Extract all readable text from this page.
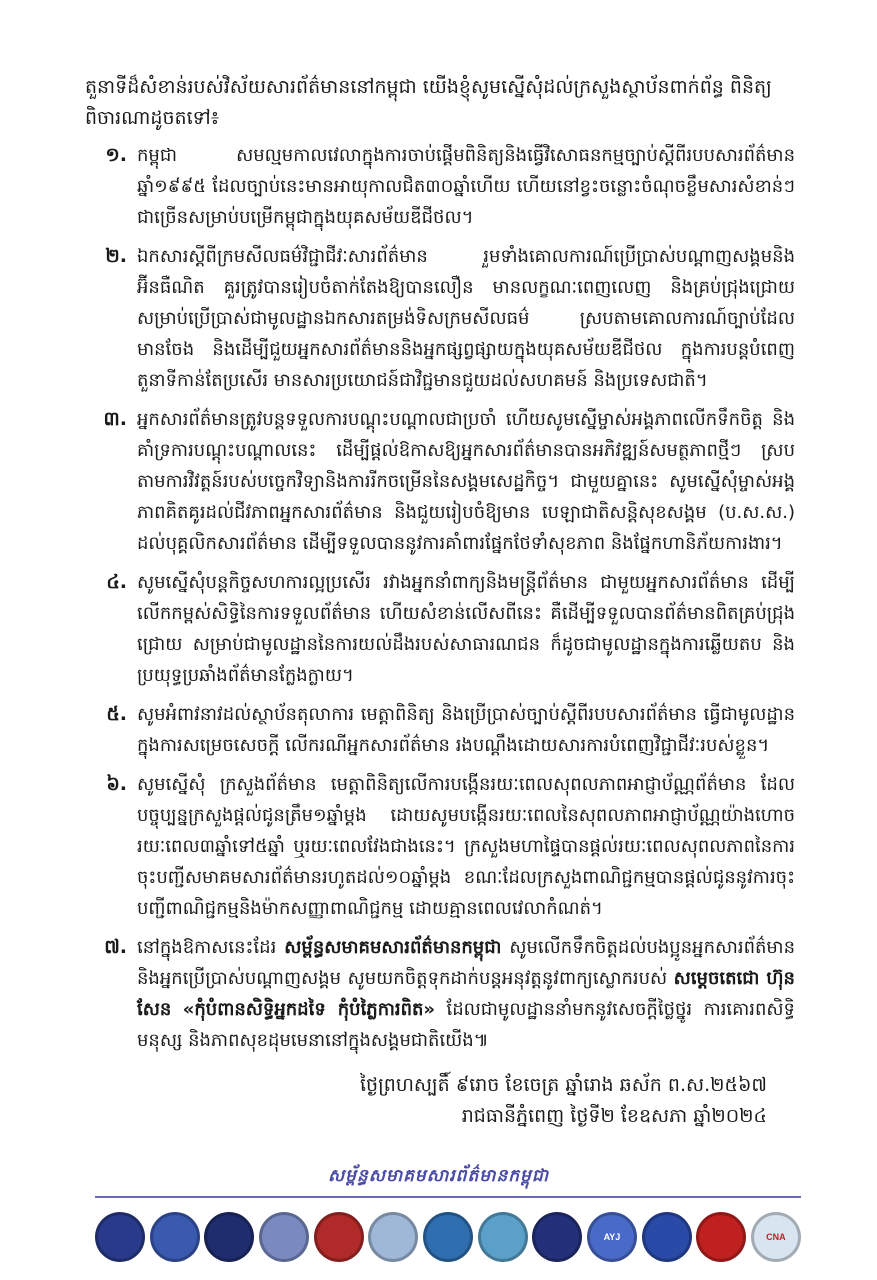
តួនាទីដ៏សំខាន់របស់វិស័យសារព័ត៌មាននៅកម្ពុជា យើងខ្ញុំសូមស្នើសុំដល់ក្រសួងស្ថាប័នពាក់ព័ន្ធ ពិនិត្យពិចារណាដូចតទៅ៖
១. កម្ពុជា សមល្មមកាលវេលាក្នុងការចាប់ផ្តើមពិនិត្យនិងធ្វើវិសោធនកម្មច្បាប់ស្តីពីរបបសារព័ត៌មានឆ្នាំ១៩៩៥ ដែលច្បាប់នេះមានអាយុកាលជិត៣០ឆ្នាំហើយ ហើយនៅខ្វះចន្លោះចំណុចខ្លឹមសារសំខាន់ៗជាច្រើនសម្រាប់បម្រើកម្ពុជាក្នុងយុគសម័យឌីជីថល។
២. ឯកសារស្តីពីក្រមសីលធម៌វិជ្ជាជីវៈសារព័ត៌មាន រួមទាំងគោលការណ៍ប្រើប្រាស់បណ្តាញសង្គមនិងអ៊ីនធឺណិត គួរត្រូវបានរៀបចំតាក់តែងឱ្យបានលឿន មានលក្ខណៈពេញលេញ និងគ្រប់ជ្រុងជ្រោយ សម្រាប់ប្រើប្រាស់ជាមូលដ្ឋានឯកសារតម្រង់ទិសក្រមសីលធម៌ ស្របតាមគោលការណ៍ច្បាប់ដែលមានចែង និងដើម្បីជួយអ្នកសារព័ត៌មាននិងអ្នកផ្សព្វផ្សាយក្នុងយុគសម័យឌីជីថល ក្នុងការបន្តបំពេញតួនាទីកាន់តែប្រសើរ មានសារប្រយោជន៍ជាវិជ្ជមានជួយដល់សហគមន៍ និងប្រទេសជាតិ។
៣. អ្នកសារព័ត៌មានត្រូវបន្តទទួលការបណ្តុះបណ្តាលជាប្រចាំ ហើយសូមស្នើម្ចាស់អង្គភាពលើកទឹកចិត្ត និងគាំទ្រការបណ្តុះបណ្តាលនេះ ដើម្បីផ្តល់ឱកាសឱ្យអ្នកសារព័ត៌មានបានអភិវឌ្ឍន៍សមត្ថភាពថ្មីៗ ស្របតាមការវិវត្តន៍របស់បច្ចេកវិទ្យានិងការរីកចម្រើននៃសង្គមសេដ្ឋកិច្ច។ ជាមួយគ្នានេះ សូមស្នើសុំម្ចាស់អង្គភាពគិតគូរដល់ជីវភាពអ្នកសារព័ត៌មាន និងជួយរៀបចំឱ្យមាន បេឡាជាតិសន្តិសុខសង្គម (ប.ស.ស.) ដល់បុគ្គលិកសារព័ត៌មាន ដើម្បីទទួលបាននូវការគាំពារផ្នែកថែទាំសុខភាព និងផ្នែកហានិភ័យការងារ។
៤. សូមស្នើសុំបន្តកិច្ចសហការល្អប្រសើរ រវាងអ្នកនាំពាក្យនិងមន្ត្រីព័ត៌មាន ជាមួយអ្នកសារព័ត៌មាន ដើម្បីលើកកម្ពស់សិទ្ធិនៃការទទួលព័ត៌មាន ហើយសំខាន់លើសពីនេះ គឺដើម្បីទទួលបានព័ត៌មានពិតគ្រប់ជ្រុងជ្រោយ សម្រាប់ជាមូលដ្ឋាននៃការយល់ដឹងរបស់សាធារណជន ក៏ដូចជាមូលដ្ឋានក្នុងការឆ្លើយតប និងប្រយុទ្ធប្រឆាំងព័ត៌មានក្លែងក្លាយ។
៥. សូមអំពាវនាវដល់ស្ថាប័នតុលាការ មេត្តាពិនិត្យ និងប្រើប្រាស់ច្បាប់ស្តីពីរបបសារព័ត៌មាន ធ្វើជាមូលដ្ឋានក្នុងការសម្រេចសេចក្តី លើករណីអ្នកសារព័ត៌មាន រងបណ្តឹងដោយសារការបំពេញវិជ្ជាជីវៈរបស់ខ្លួន។
៦. សូមស្នើសុំ ក្រសួងព័ត៌មាន មេត្តាពិនិត្យលើការបង្កើនរយៈពេលសុពលភាពអាជ្ញាប័ណ្ណព័ត៌មាន ដែលបច្ចុប្បន្នក្រសួងផ្តល់ជូនត្រឹម១ឆ្នាំម្តង ដោយសូមបង្កើនរយៈពេលនៃសុពលភាពអាជ្ញាប័ណ្ណយ៉ាងហោច រយៈពេល៣ឆ្នាំទៅ៥ឆ្នាំ ឬរយៈពេលវែងជាងនេះ។ ក្រសួងមហាផ្ទៃបានផ្តល់រយៈពេលសុពលភាពនៃការចុះបញ្ជីសមាគមសារព័ត៌មានរហូតដល់១០ឆ្នាំម្តង ខណៈដែលក្រសួងពាណិជ្ជកម្មបានផ្តល់ជូននូវការចុះបញ្ជីពាណិជ្ជកម្មនិងម៉ាកសញ្ញាពាណិជ្ជកម្ម ដោយគ្មានពេលវេលាកំណត់។
៧. នៅក្នុងឱកាសនេះដែរ សម្ព័ន្ធសមាគមសារព័ត៌មានកម្ពុជា សូមលើកទឹកចិត្តដល់បងប្អូនអ្នកសារព័ត៌មាន និងអ្នកប្រើប្រាស់បណ្តាញសង្គម សូមយកចិត្តទុកដាក់បន្តអនុវត្តនូវពាក្យស្លោករបស់ សម្តេចតេជោ ហ៊ុន សែន «កុំបំពានសិទ្ធិអ្នកដទៃ កុំបំភ្លៃការពិត» ដែលជាមូលដ្ឋាននាំមកនូវសេចក្តីថ្លៃថ្នូរ ការគោរពសិទ្ធិមនុស្ស និងភាពសុខដុមមេនានៅក្នុងសង្គមជាតិយើង៕
ថ្ងៃព្រហស្បតិ៍ ៩រោច ខែចេត្រ ឆ្នាំរោង ឆស័ក ព.ស.២៥៦៧
រាជធានីភ្នំពេញ ថ្ងៃទី២ ខែឧសភា ឆ្នាំ២០២៤
សម្ព័ន្ធសមាគមសារព័ត៌មានកម្ពុជា
AYJ	CNA
